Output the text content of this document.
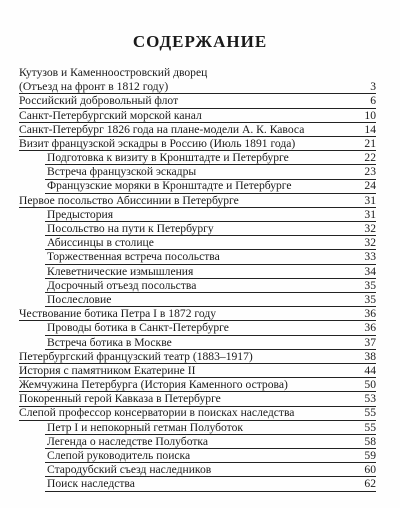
СОДЕРЖАНИЕ
Кутузов и Каменноостровский дворец
(Отъезд на фронт в 1812 году)	3
Российский добровольный флот	6
Санкт-Петербургский морской канал	10
Санкт-Петербург 1826 года на плане-модели А. К. Кавоса	14
Визит французской эскадры в Россию (Июль 1891 года)	21
Подготовка к визиту в Кронштадте и Петербурге	22
Встреча французской эскадры	23
Французские моряки в Кронштадте и Петербурге	24
Первое посольство Абиссинии в Петербурге	31
Предыстория	31
Посольство на пути к Петербургу	32
Абиссинцы в столице	32
Торжественная встреча посольства	33
Клеветнические измышления	34
Досрочный отъезд посольства	35
Послесловие	35
Чествование ботика Петра I в 1872 году	36
Проводы ботика в Санкт-Петербурге	36
Встреча ботика в Москве	37
Петербургский французский театр (1883–1917)	38
История с памятником Екатерине II	44
Жемчужина Петербурга (История Каменного острова)	50
Покоренный герой Кавказа в Петербурге	53
Слепой профессор консерватории в поисках наследства	55
Петр I и непокорный гетман Полуботок	55
Легенда о наследстве Полуботка	58
Слепой руководитель поиска	59
Стародубский съезд наследников	60
Поиск наследства	62
